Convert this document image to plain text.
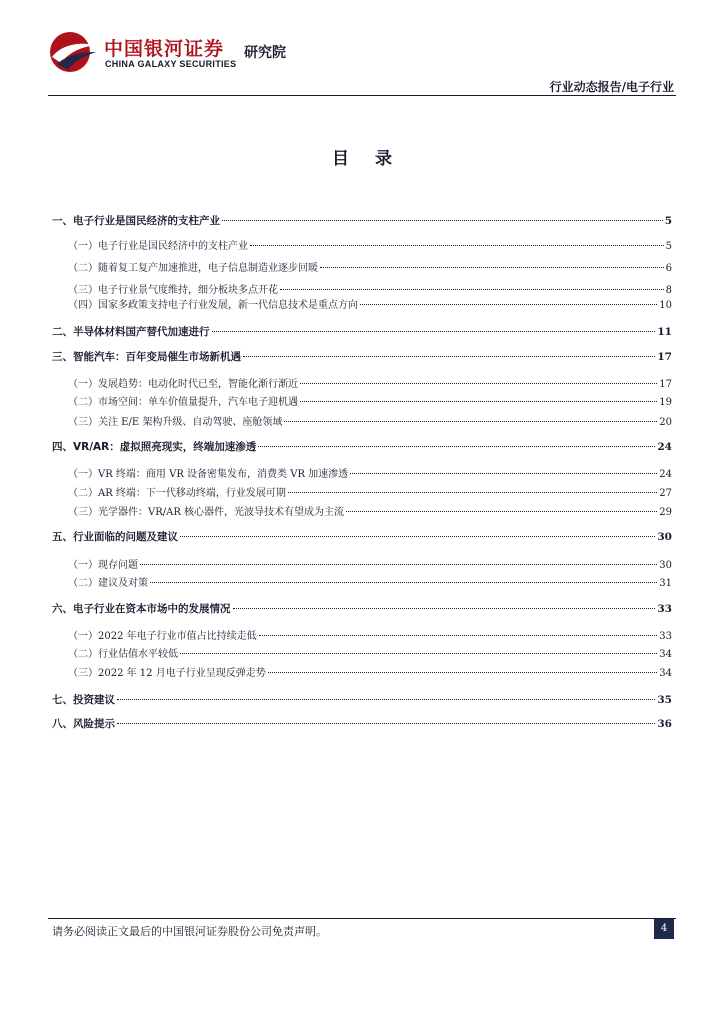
中国银河证券
CHINA GALAXY SECURITIES
研究院
行业动态报告/电子行业
目录
一、电子行业是国民经济的支柱产业	5
（一）电子行业是国民经济中的支柱产业	5
（二）随着复工复产加速推进，电子信息制造业逐步回暖	6
（三）电子行业景气度维持，细分板块多点开花	8
（四）国家多政策支持电子行业发展，新一代信息技术是重点方向	10
二、半导体材料国产替代加速进行	11
三、智能汽车：百年变局催生市场新机遇	17
（一）发展趋势：电动化时代已至，智能化渐行渐近	17
（二）市场空间：单车价值量提升，汽车电子迎机遇	19
（三）关注 E/E 架构升级、自动驾驶、座舱领域	20
四、VR/AR：虚拟照亮现实，终端加速渗透	24
（一）VR 终端：商用 VR 设备密集发布，消费类 VR 加速渗透	24
（二）AR 终端：下一代移动终端，行业发展可期	27
（三）光学器件：VR/AR 核心器件，光波导技术有望成为主流	29
五、行业面临的问题及建议	30
（一）现存问题	30
（二）建议及对策	31
六、电子行业在资本市场中的发展情况	33
（一）2022 年电子行业市值占比持续走低	33
（二）行业估值水平较低	34
（三）2022 年 12 月电子行业呈现反弹走势	34
七、投资建议	35
八、风险提示	36
请务必阅读正文最后的中国银河证券股份公司免责声明。	4
